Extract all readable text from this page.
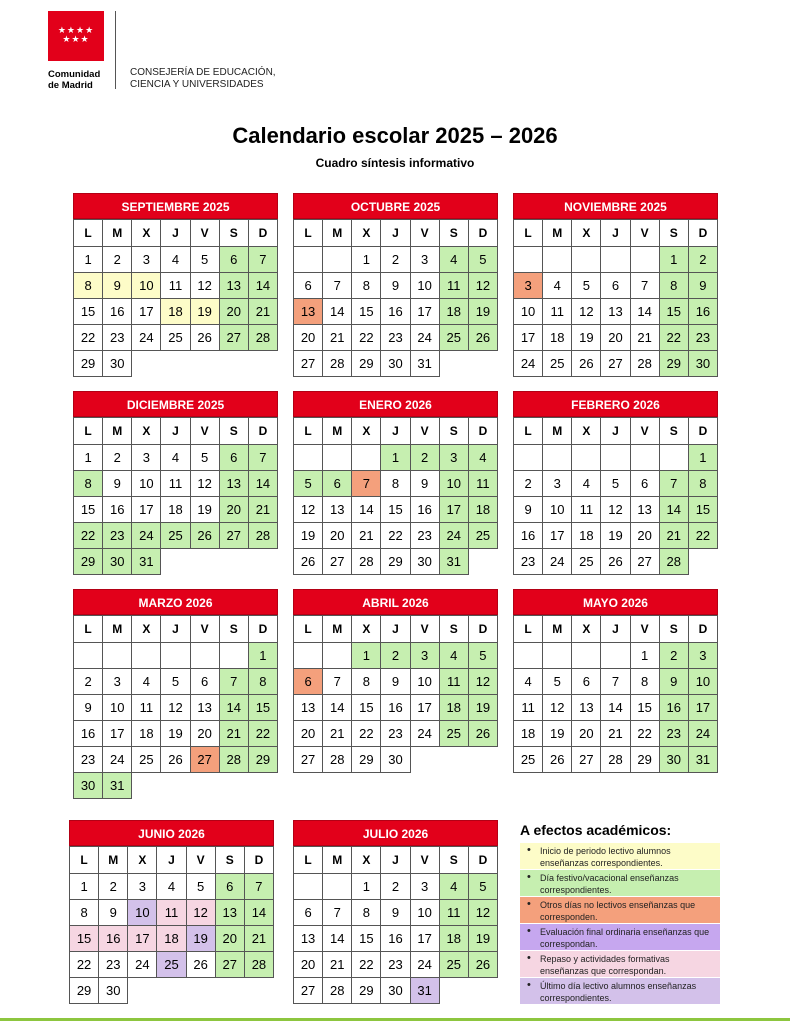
★★★★
★★★
Comunidad
de Madrid
CONSEJERÍA DE EDUCACIÓN,
CIENCIA Y UNIVERSIDADES
Calendario escolar 2025 – 2026
Cuadro síntesis informativo
SEPTIEMBRE 2025
L	M	X	J	V	S	D
1	2	3	4	5	6	7
8	9	10	11	12	13	14
15	16	17	18	19	20	21
22	23	24	25	26	27	28
29	30					
OCTUBRE 2025
L	M	X	J	V	S	D
		1	2	3	4	5
6	7	8	9	10	11	12
13	14	15	16	17	18	19
20	21	22	23	24	25	26
27	28	29	30	31		
NOVIEMBRE 2025
L	M	X	J	V	S	D
					1	2
3	4	5	6	7	8	9
10	11	12	13	14	15	16
17	18	19	20	21	22	23
24	25	26	27	28	29	30
DICIEMBRE 2025
L	M	X	J	V	S	D
1	2	3	4	5	6	7
8	9	10	11	12	13	14
15	16	17	18	19	20	21
22	23	24	25	26	27	28
29	30	31				
ENERO 2026
L	M	X	J	V	S	D
			1	2	3	4
5	6	7	8	9	10	11
12	13	14	15	16	17	18
19	20	21	22	23	24	25
26	27	28	29	30	31	
FEBRERO 2026
L	M	X	J	V	S	D
						1
2	3	4	5	6	7	8
9	10	11	12	13	14	15
16	17	18	19	20	21	22
23	24	25	26	27	28	
MARZO 2026
L	M	X	J	V	S	D
						1
2	3	4	5	6	7	8
9	10	11	12	13	14	15
16	17	18	19	20	21	22
23	24	25	26	27	28	29
30	31					
ABRIL 2026
L	M	X	J	V	S	D
		1	2	3	4	5
6	7	8	9	10	11	12
13	14	15	16	17	18	19
20	21	22	23	24	25	26
27	28	29	30			
MAYO 2026
L	M	X	J	V	S	D
				1	2	3
4	5	6	7	8	9	10
11	12	13	14	15	16	17
18	19	20	21	22	23	24
25	26	27	28	29	30	31
JUNIO 2026
L	M	X	J	V	S	D
1	2	3	4	5	6	7
8	9	10	11	12	13	14
15	16	17	18	19	20	21
22	23	24	25	26	27	28
29	30					
JULIO 2026
L	M	X	J	V	S	D
		1	2	3	4	5
6	7	8	9	10	11	12
13	14	15	16	17	18	19
20	21	22	23	24	25	26
27	28	29	30	31		
A efectos académicos:
• Inicio de periodo lectivo alumnos enseñanzas correspondientes.
• Día festivo/vacacional enseñanzas correspondientes.
• Otros días no lectivos enseñanzas que corresponden.
• Evaluación final ordinaria enseñanzas que correspondan.
• Repaso y actividades formativas enseñanzas que correspondan.
• Último día lectivo alumnos enseñanzas correspondientes.
